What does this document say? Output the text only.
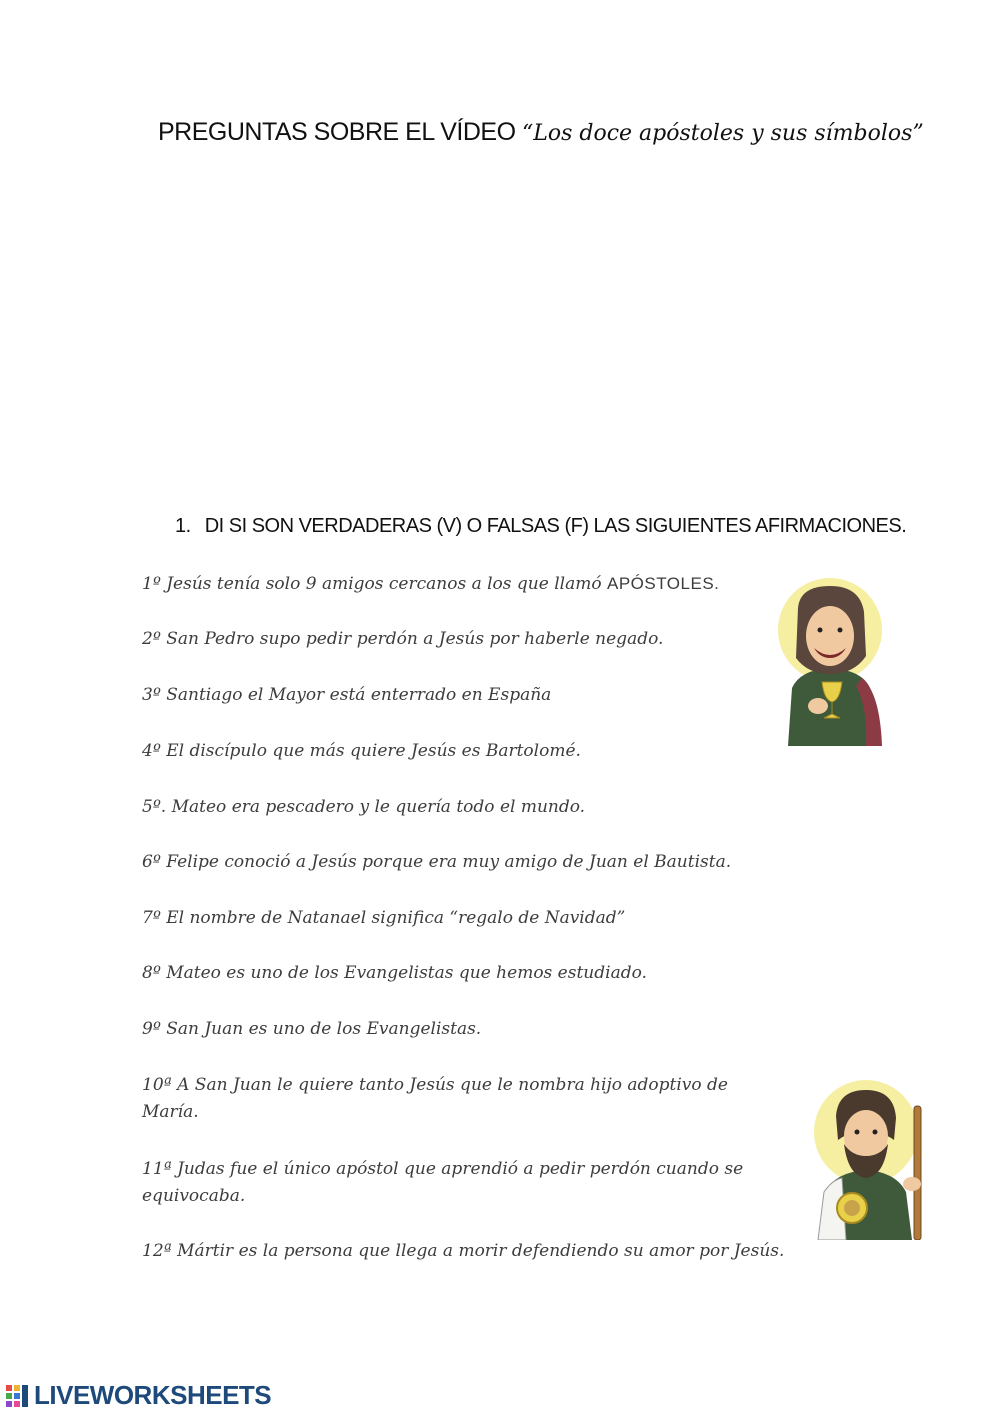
PREGUNTAS SOBRE EL VÍDEO “Los doce apóstoles y sus símbolos”
1. DI SI SON VERDADERAS (V) O FALSAS (F) LAS SIGUIENTES AFIRMACIONES.
1º Jesús tenía solo 9 amigos cercanos a los que llamó APÓSTOLES.
2º San Pedro supo pedir perdón a Jesús por haberle negado.
3º Santiago el Mayor está enterrado en España
4º El discípulo que más quiere Jesús es Bartolomé.
5º. Mateo era pescadero y le quería todo el mundo.
6º Felipe conoció a Jesús porque era muy amigo de Juan el Bautista.
7º El nombre de Natanael significa “regalo de Navidad”
8º Mateo es uno de los Evangelistas que hemos estudiado.
9º San Juan es uno de los Evangelistas.
10ª A San Juan le quiere tanto Jesús que le nombra hijo adoptivo de María.
11ª Judas fue el único apóstol que aprendió a pedir perdón cuando se equivocaba.
12ª Mártir es la persona que llega a morir defendiendo su amor por Jesús.
LIVEWORKSHEETS
